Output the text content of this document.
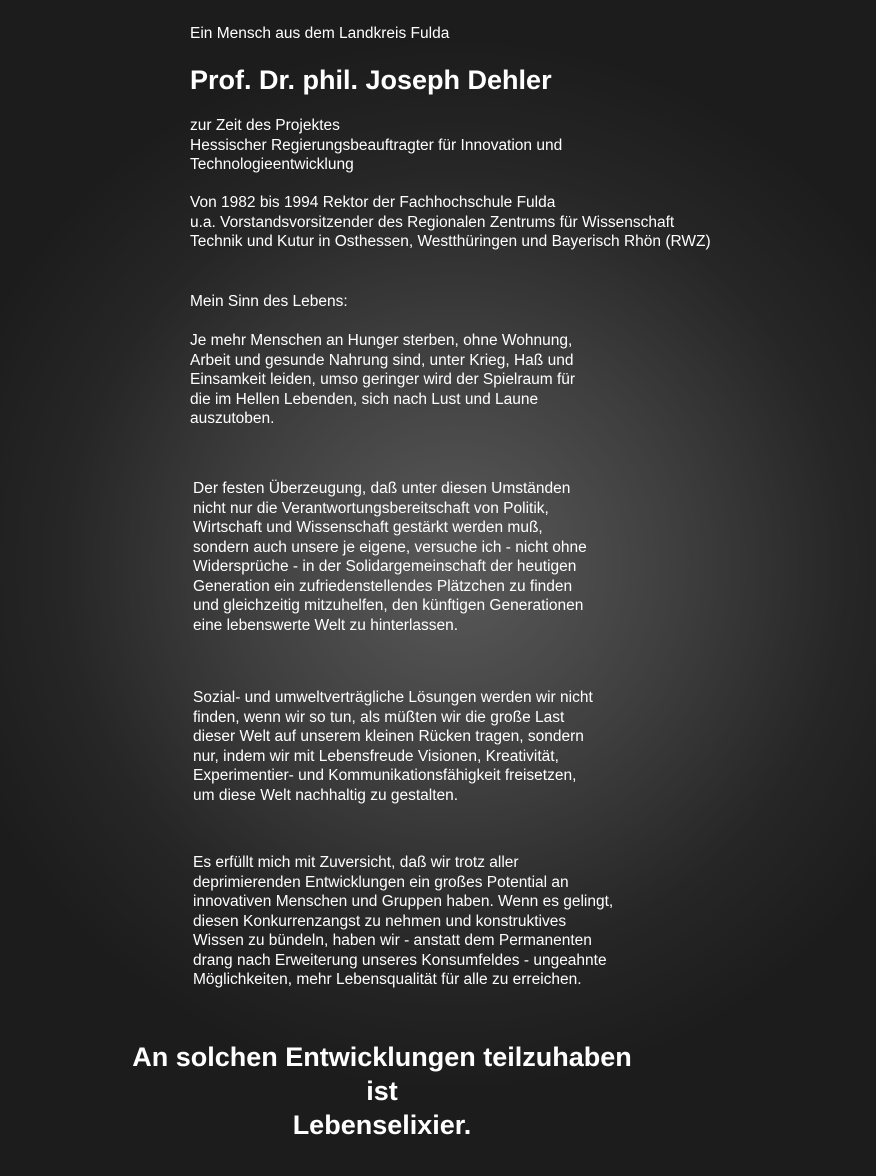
Ein Mensch aus dem Landkreis Fulda
Prof. Dr. phil. Joseph Dehler
zur Zeit des Projektes
Hessischer Regierungsbeauftragter für Innovation und
Technologieentwicklung
Von 1982 bis 1994 Rektor der Fachhochschule Fulda
u.a. Vorstandsvorsitzender des Regionalen Zentrums für Wissenschaft
Technik und Kutur in Osthessen, Westthüringen und Bayerisch Rhön (RWZ)
Mein Sinn des Lebens:
Je mehr Menschen an Hunger sterben, ohne Wohnung,
Arbeit und gesunde Nahrung sind, unter Krieg, Haß und
Einsamkeit leiden, umso geringer wird der Spielraum für
die im Hellen Lebenden, sich nach Lust und Laune
auszutoben.
Der festen Überzeugung, daß unter diesen Umständen
nicht nur die Verantwortungsbereitschaft von Politik,
Wirtschaft und Wissenschaft gestärkt werden muß,
sondern auch unsere je eigene, versuche ich - nicht ohne
Widersprüche - in der Solidargemeinschaft der heutigen
Generation ein zufriedenstellendes Plätzchen zu finden
und gleichzeitig mitzuhelfen, den künftigen Generationen
eine lebenswerte Welt zu hinterlassen.
Sozial- und umweltverträgliche Lösungen werden wir nicht
finden, wenn wir so tun, als müßten wir die große Last
dieser Welt auf unserem kleinen Rücken tragen, sondern
nur, indem wir mit Lebensfreude Visionen, Kreativität,
Experimentier- und Kommunikationsfähigkeit freisetzen,
um diese Welt nachhaltig zu gestalten.
Es erfüllt mich mit Zuversicht, daß wir trotz aller
deprimierenden Entwicklungen ein großes Potential an
innovativen Menschen und Gruppen haben. Wenn es gelingt,
diesen Konkurrenzangst zu nehmen und konstruktives
Wissen zu bündeln, haben wir - anstatt dem Permanenten
drang nach Erweiterung unseres Konsumfeldes - ungeahnte
Möglichkeiten, mehr Lebensqualität für alle zu erreichen.
An solchen Entwicklungen teilzuhaben
ist
Lebenselixier.
